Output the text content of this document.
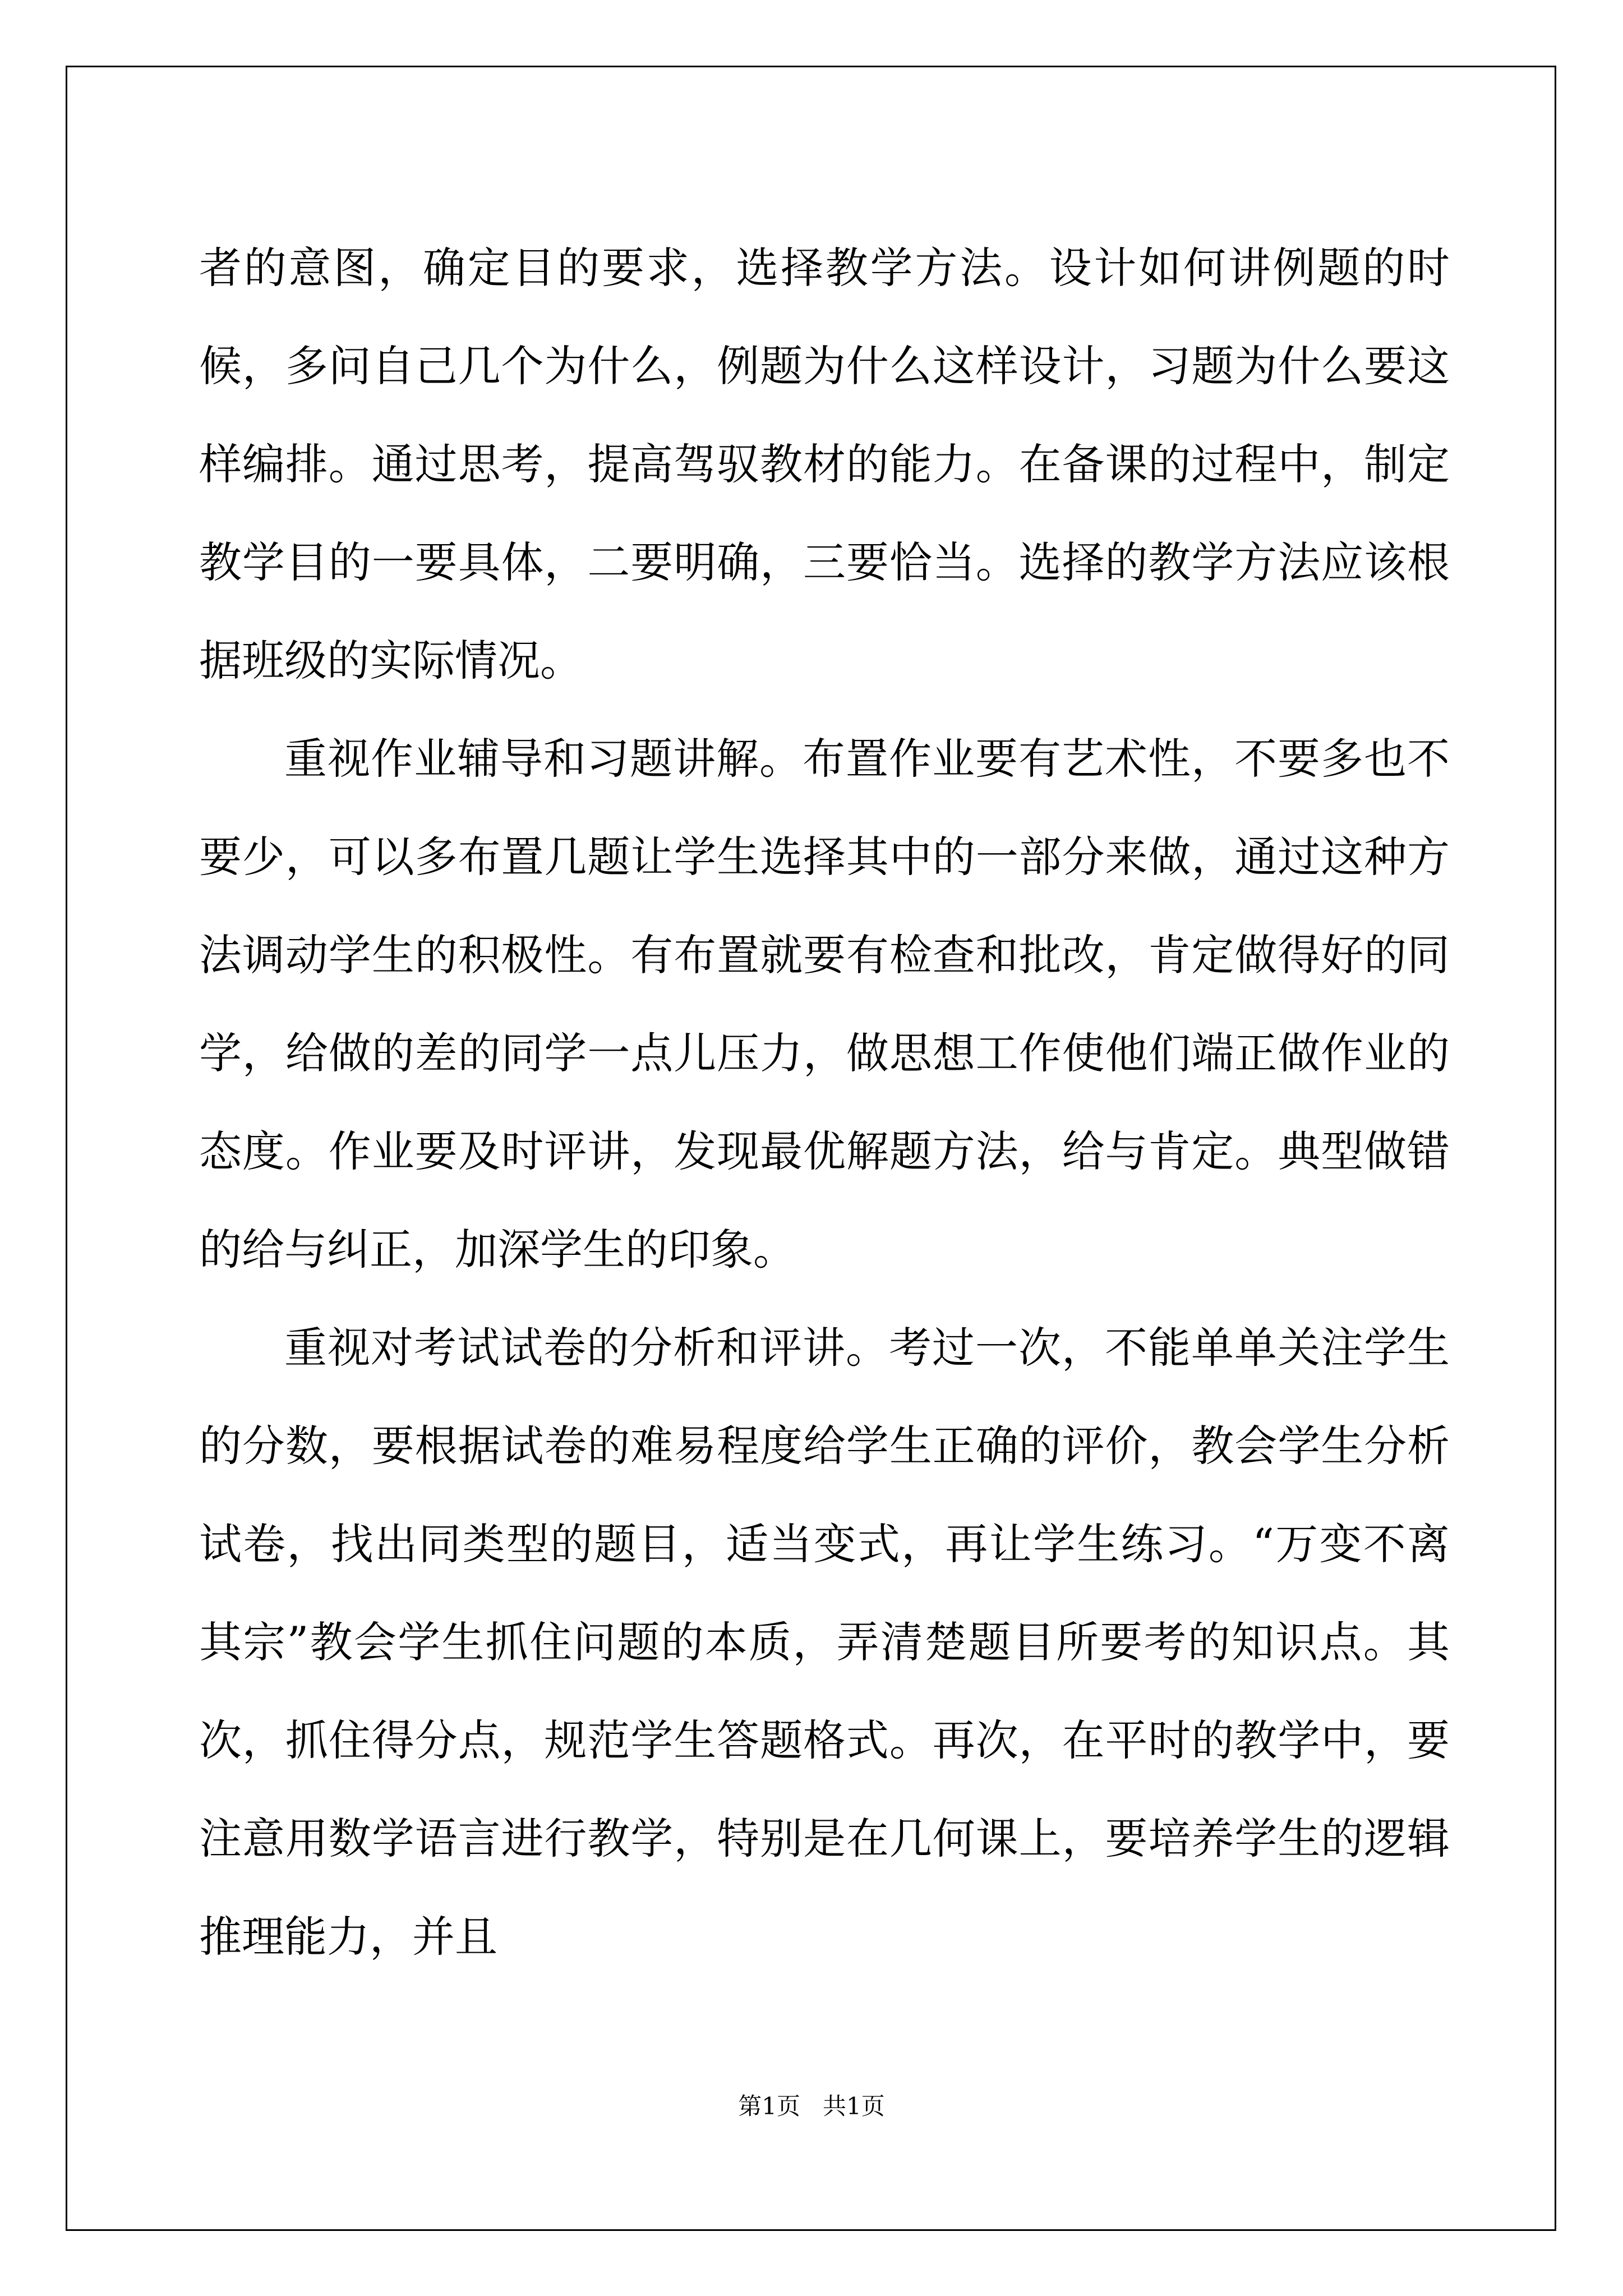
者的意图，确定目的要求，选择教学方法。设计如何讲例题的时候，多问自己几个为什么，例题为什么这样设计，习题为什么要这样编排。通过思考，提高驾驭教材的能力。在备课的过程中，制定教学目的一要具体，二要明确，三要恰当。选择的教学方法应该根据班级的实际情况。

重视作业辅导和习题讲解。布置作业要有艺术性，不要多也不要少，可以多布置几题让学生选择其中的一部分来做，通过这种方法调动学生的积极性。有布置就要有检查和批改，肯定做得好的同学，给做的差的同学一点儿压力，做思想工作使他们端正做作业的态度。作业要及时评讲，发现最优解题方法，给与肯定。典型做错的给与纠正，加深学生的印象。

重视对考试试卷的分析和评讲。考过一次，不能单单关注学生的分数，要根据试卷的难易程度给学生正确的评价，教会学生分析试卷，找出同类型的题目，适当变式，再让学生练习。“万变不离其宗”教会学生抓住问题的本质，弄清楚题目所要考的知识点。其次，抓住得分点，规范学生答题格式。再次，在平时的教学中，要注意用数学语言进行教学，特别是在几何课上，要培养学生的逻辑推理能力，并且

第1页 共1页
